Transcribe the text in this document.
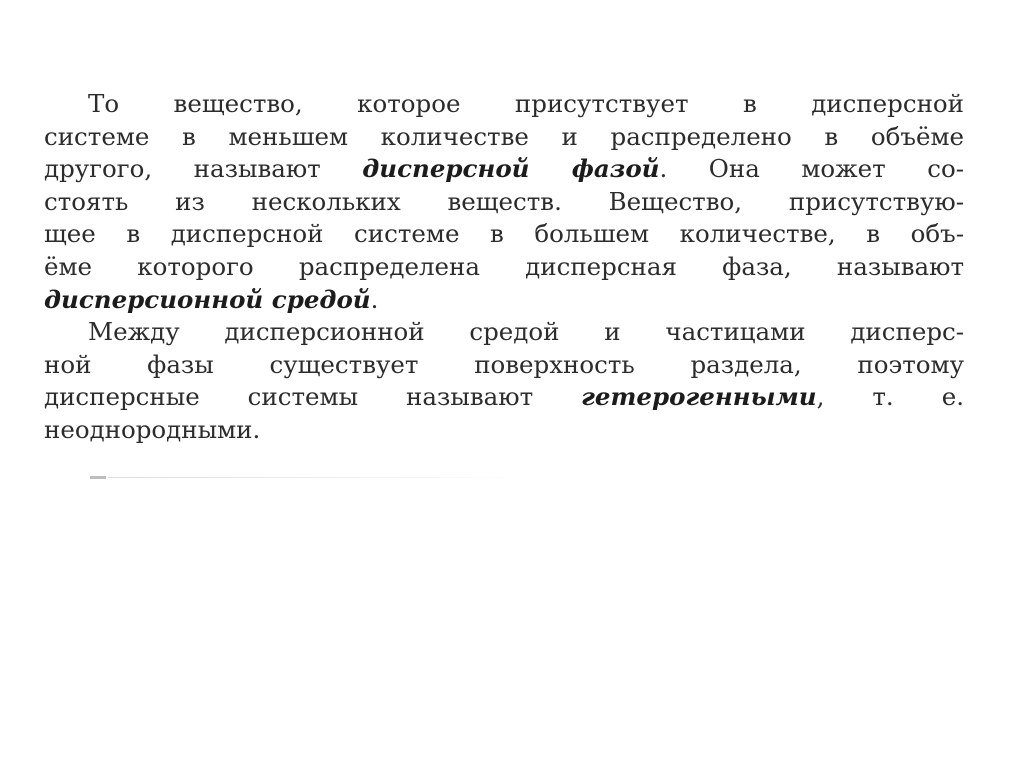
То вещество, которое присутствует в дисперсной
системе в меньшем количестве и распределено в объёме
другого, называют дисперсной фазой. Она может со-
стоять из нескольких веществ. Вещество, присутствую-
щее в дисперсной системе в большем количестве, в объ-
ёме которого распределена дисперсная фаза, называют
дисперсионной средой.
Между дисперсионной средой и частицами дисперс-
ной фазы существует поверхность раздела, поэтому
дисперсные системы называют гетерогенными, т. е.
неоднородными.
